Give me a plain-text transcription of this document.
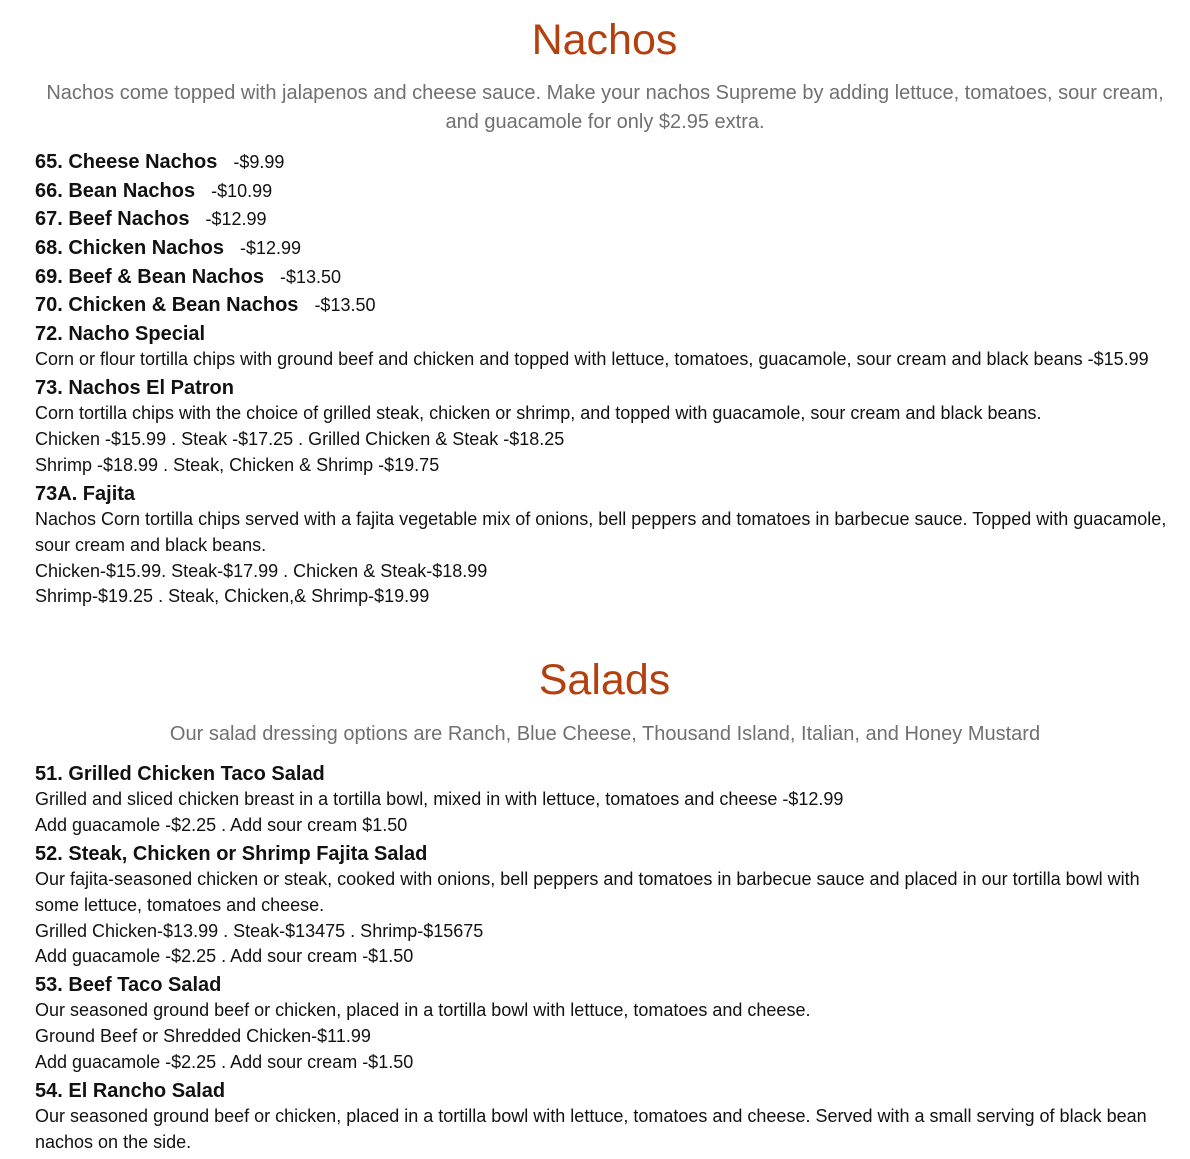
Nachos

Nachos come topped with jalapenos and cheese sauce. Make your nachos Supreme by adding lettuce, tomatoes, sour cream, and guacamole for only $2.95 extra.

65. Cheese Nachos -$9.99
66. Bean Nachos -$10.99
67. Beef Nachos -$12.99
68. Chicken Nachos -$12.99
69. Beef & Bean Nachos -$13.50
70. Chicken & Bean Nachos -$13.50
72. Nacho Special

Corn or flour tortilla chips with ground beef and chicken and topped with lettuce, tomatoes, guacamole, sour cream and black beans -$15.99

73. Nachos El Patron

Corn tortilla chips with the choice of grilled steak, chicken or shrimp, and topped with guacamole, sour cream and black beans.

Chicken -$15.99 . Steak -$17.25 . Grilled Chicken & Steak -$18.25

Shrimp -$18.99 . Steak, Chicken & Shrimp -$19.75

73A. Fajita

Nachos Corn tortilla chips served with a fajita vegetable mix of onions, bell peppers and tomatoes in barbecue sauce. Topped with guacamole, sour cream and black beans.

Chicken-$15.99. Steak-$17.99 . Chicken & Steak-$18.99

Shrimp-$19.25 . Steak, Chicken,& Shrimp-$19.99

Salads

Our salad dressing options are Ranch, Blue Cheese, Thousand Island, Italian, and Honey Mustard

51. Grilled Chicken Taco Salad

Grilled and sliced chicken breast in a tortilla bowl, mixed in with lettuce, tomatoes and cheese -$12.99

Add guacamole -$2.25 . Add sour cream $1.50

52. Steak, Chicken or Shrimp Fajita Salad

Our fajita-seasoned chicken or steak, cooked with onions, bell peppers and tomatoes in barbecue sauce and placed in our tortilla bowl with some lettuce, tomatoes and cheese.

Grilled Chicken-$13.99 . Steak-$13475 . Shrimp-$15675

Add guacamole -$2.25 . Add sour cream -$1.50

53. Beef Taco Salad

Our seasoned ground beef or chicken, placed in a tortilla bowl with lettuce, tomatoes and cheese.

Ground Beef or Shredded Chicken-$11.99

Add guacamole -$2.25 . Add sour cream -$1.50

54. El Rancho Salad

Our seasoned ground beef or chicken, placed in a tortilla bowl with lettuce, tomatoes and cheese. Served with a small serving of black bean nachos on the side.
